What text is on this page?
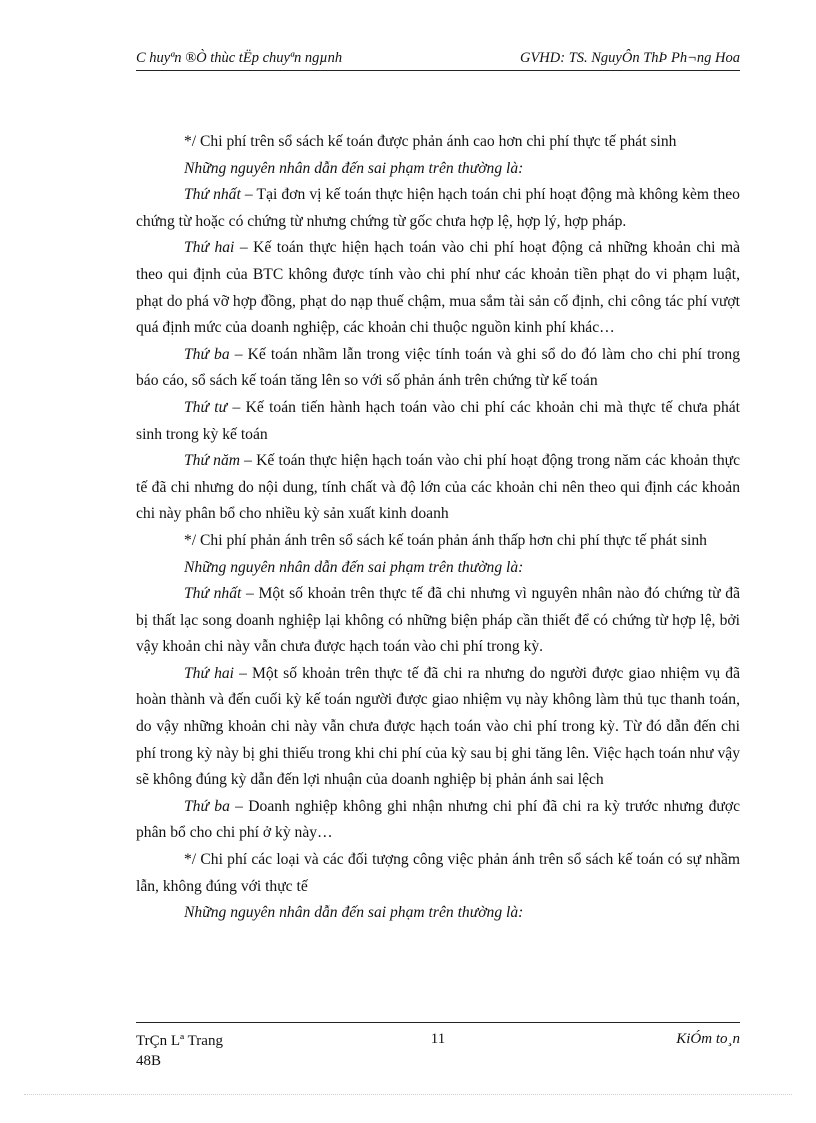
C huyªn ®Ò thùc tËp chuyªn ngµnh	GVHD: TS. NguyÔn ThÞ Ph¬ng Hoa

*/ Chi phí trên sổ sách kế toán được phản ánh cao hơn chi phí thực tế phát sinh

Những nguyên nhân dẫn đến sai phạm trên thường là:

Thứ nhất – Tại đơn vị kế toán thực hiện hạch toán chi phí hoạt động mà không kèm theo chứng từ hoặc có chứng từ nhưng chứng từ gốc chưa hợp lệ, hợp lý, hợp pháp.

Thứ hai – Kế toán thực hiện hạch toán vào chi phí hoạt động cả những khoản chi mà theo qui định của BTC không được tính vào chi phí như các khoản tiền phạt do vi phạm luật, phạt do phá vỡ hợp đồng, phạt do nạp thuế chậm, mua sắm tài sản cố định, chi công tác phí vượt quá định mức của doanh nghiệp, các khoản chi thuộc nguồn kinh phí khác…

Thứ ba – Kế toán nhầm lẫn trong việc tính toán và ghi sổ do đó làm cho chi phí trong báo cáo, sổ sách kế toán tăng lên so với số phản ánh trên chứng từ kế toán

Thứ tư – Kế toán tiến hành hạch toán vào chi phí các khoản chi mà thực tế chưa phát sinh trong kỳ kế toán

Thứ năm – Kế toán thực hiện hạch toán vào chi phí hoạt động trong năm các khoản thực tế đã chi nhưng do nội dung, tính chất và độ lớn của các khoản chi nên theo qui định các khoản chi này phân bổ cho nhiều kỳ sản xuất kinh doanh

*/ Chi phí phản ánh trên sổ sách kế toán phản ánh thấp hơn chi phí thực tế phát sinh

Những nguyên nhân dẫn đến sai phạm trên thường là:

Thứ nhất – Một số khoản trên thực tế đã chi nhưng vì nguyên nhân nào đó chứng từ đã bị thất lạc song doanh nghiệp lại không có những biện pháp cần thiết để có chứng từ hợp lệ, bởi vậy khoản chi này vẫn chưa được hạch toán vào chi phí trong kỳ.

Thứ hai – Một số khoản trên thực tế đã chi ra nhưng do người được giao nhiệm vụ đã hoàn thành và đến cuối kỳ kế toán người được giao nhiệm vụ này không làm thủ tục thanh toán, do vậy những khoản chi này vẫn chưa được hạch toán vào chi phí trong kỳ. Từ đó dẫn đến chi phí trong kỳ này bị ghi thiếu trong khi chi phí của kỳ sau bị ghi tăng lên. Việc hạch toán như vậy sẽ không đúng kỳ dẫn đến lợi nhuận của doanh nghiệp bị phản ánh sai lệch

Thứ ba – Doanh nghiệp không ghi nhận nhưng chi phí đã chi ra kỳ trước nhưng được phân bổ cho chi phí ở kỳ này…

*/ Chi phí các loại và các đối tượng công việc phản ánh trên sổ sách kế toán có sự nhầm lẫn, không đúng với thực tế

Những nguyên nhân dẫn đến sai phạm trên thường là:

TrÇn Lª Trang
48B
11	KiÓm to¸n
